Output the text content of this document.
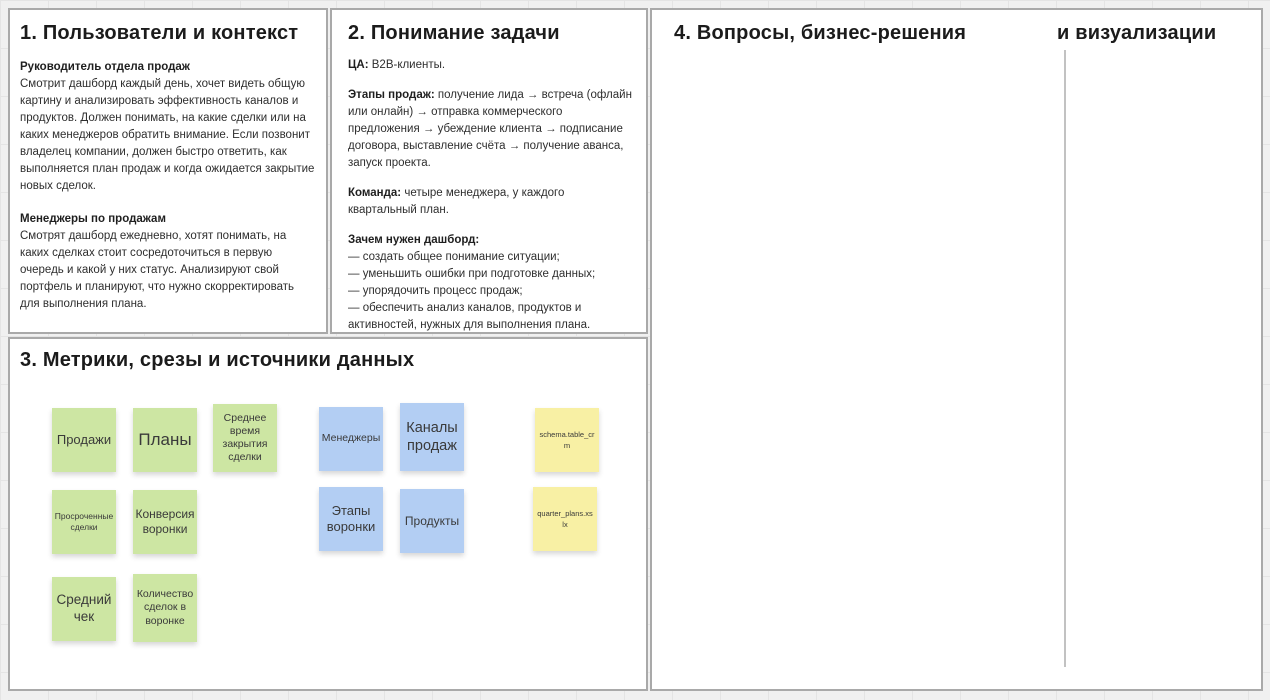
1. Пользователи и контекст
Руководитель отдела продаж
Смотрит дашборд каждый день, хочет видеть общую картину и анализировать эффективность каналов и продуктов. Должен понимать, на какие сделки или на каких менеджеров обратить внимание. Если позвонит владелец компании, должен быстро ответить, как выполняется план продаж и когда ожидается закрытие новых сделок.
Менеджеры по продажам
Смотрят дашборд ежедневно, хотят понимать, на каких сделках стоит сосредоточиться в первую очередь и какой у них статус. Анализируют свой портфель и планируют, что нужно скорректировать для выполнения плана.
2. Понимание задачи
ЦА: B2B-клиенты.
Этапы продаж: получение лида → встреча (офлайн или онлайн) → отправка коммерческого предложения → убеждение клиента → подписание договора, выставление счёта → получение аванса, запуск проекта.
Команда: четыре менеджера, у каждого квартальный план.
Зачем нужен дашборд:
— создать общее понимание ситуации;
— уменьшить ошибки при подготовке данных;
— упорядочить процесс продаж;
— обеспечить анализ каналов, продуктов и активностей, нужных для выполнения плана.
3. Метрики, срезы и источники данных
Продажи Планы
Среднее время закрытия сделки
Просроченные сделки
Конверсия воронки
Средний чек
Количество сделок в воронке
Менеджеры
Каналы продаж
Этапы воронки	Продукты
schema.table_crm
quarter_plans.xslx
4. Вопросы, бизнес-решения	и визуализации
